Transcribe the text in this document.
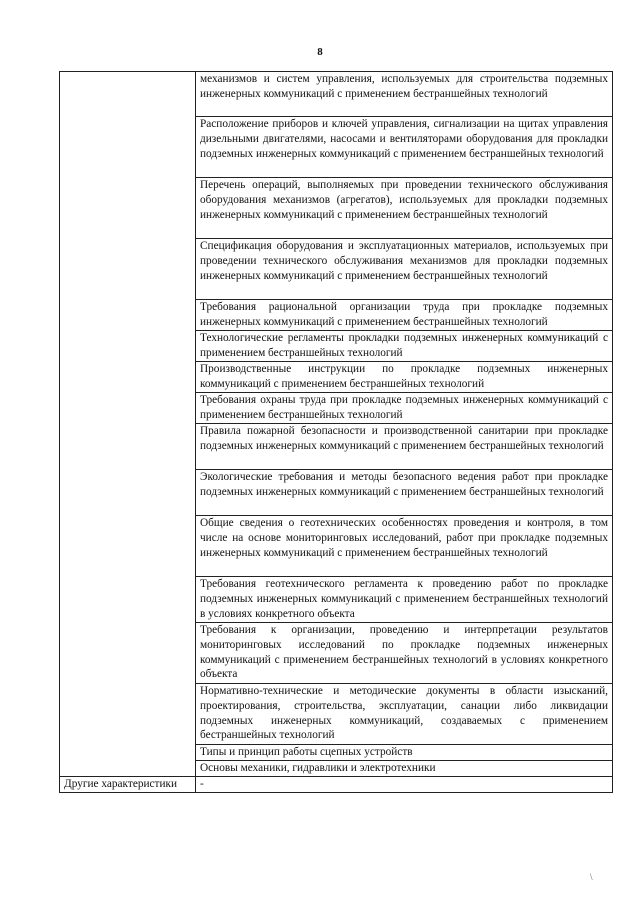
8

	механизмов и систем управления, используемых для строительства подземных инженерных коммуникаций с применением бестраншейных технологий

	Расположение приборов и ключей управления, сигнализации на щитах управления дизельными двигателями, насосами и вентиляторами оборудования для прокладки подземных инженерных коммуникаций с применением бестраншейных технологий

	Перечень операций, выполняемых при проведении технического обслуживания оборудования механизмов (агрегатов), используемых для прокладки подземных инженерных коммуникаций с применением бестраншейных технологий

	Спецификация оборудования и эксплуатационных материалов, используемых при проведении технического обслуживания механизмов для прокладки подземных инженерных коммуникаций с применением бестраншейных технологий

	Требования рациональной организации труда при прокладке подземных инженерных коммуникаций с применением бестраншейных технологий

	Технологические регламенты прокладки подземных инженерных коммуникаций с применением бестраншейных технологий

	Производственные инструкции по прокладке подземных инженерных коммуникаций с применением бестраншейных технологий

	Требования охраны труда при прокладке подземных инженерных коммуникаций с применением бестраншейных технологий

	Правила пожарной безопасности и производственной санитарии при прокладке подземных инженерных коммуникаций с применением бестраншейных технологий

	Экологические требования и методы безопасного ведения работ при прокладке подземных инженерных коммуникаций с применением бестраншейных технологий

	Общие сведения о геотехнических особенностях проведения и контроля, в том числе на основе мониторинговых исследований, работ при прокладке подземных инженерных коммуникаций с применением бестраншейных технологий

	Требования геотехнического регламента к проведению работ по прокладке подземных инженерных коммуникаций с применением бестраншейных технологий в условиях конкретного объекта

	Требования к организации, проведению и интерпретации результатов мониторинговых исследований по прокладке подземных инженерных коммуникаций с применением бестраншейных технологий в условиях конкретного объекта

	Нормативно-технические и методические документы в области изысканий, проектирования, строительства, эксплуатации, санации либо ликвидации подземных инженерных коммуникаций, создаваемых с применением бестраншейных технологий

	Типы и принцип работы сцепных устройств

	Основы механики, гидравлики и электротехники

Другие характеристики	-
\
